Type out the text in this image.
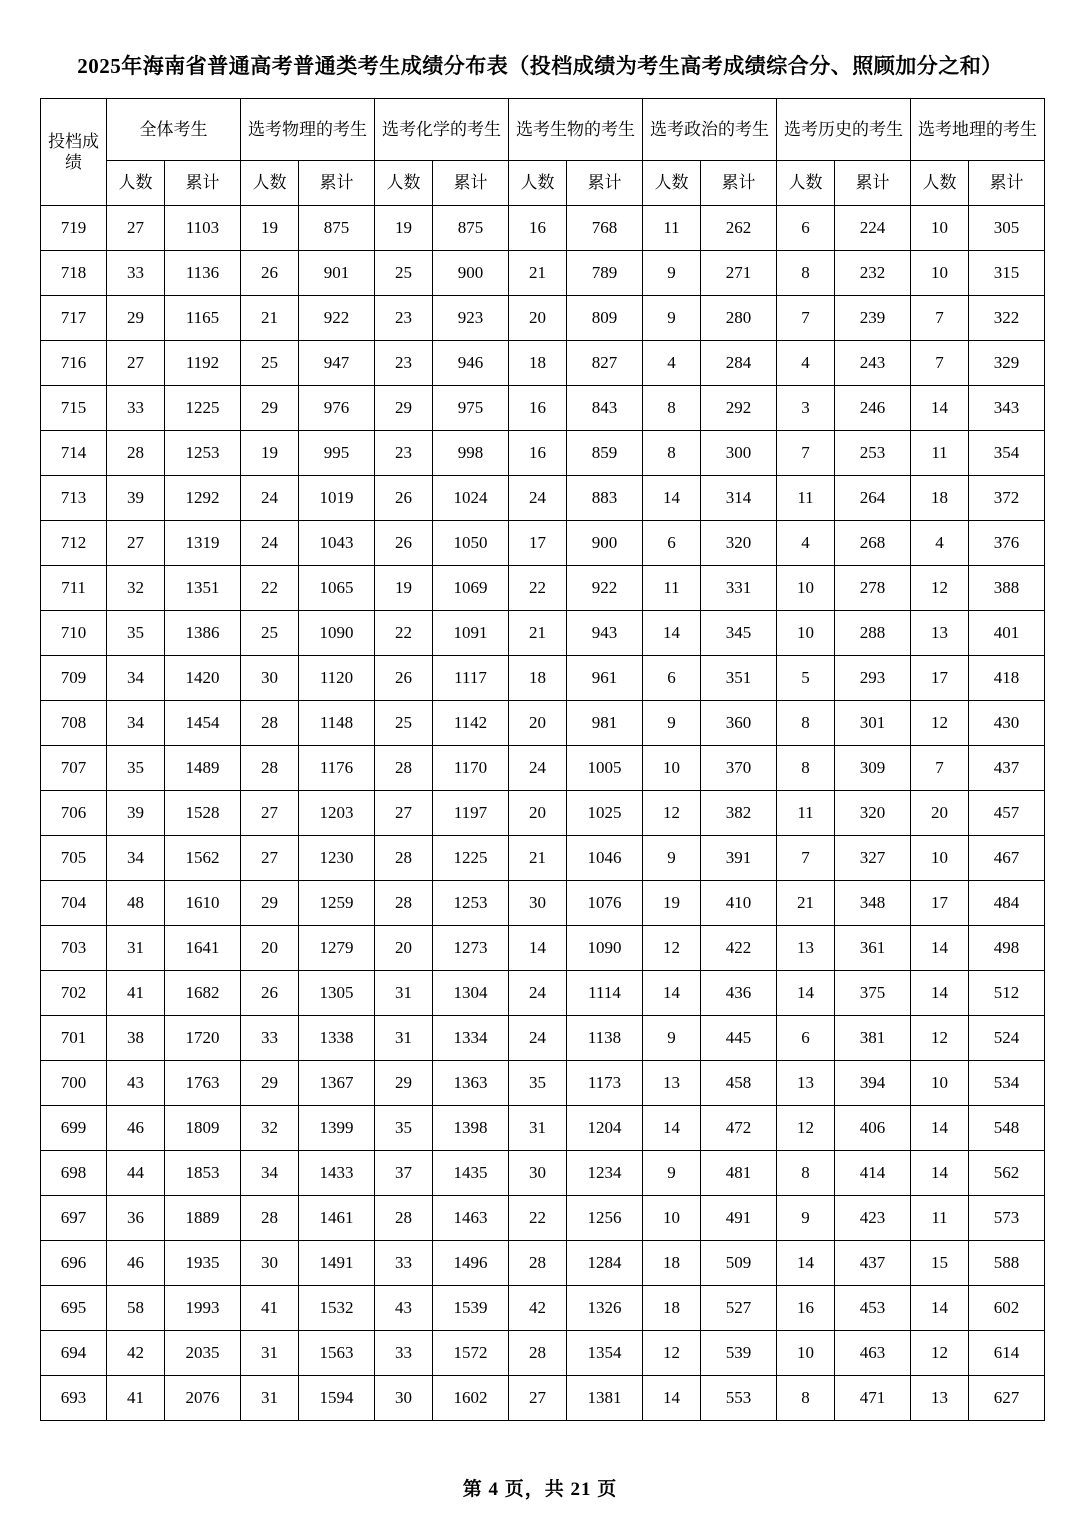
2025年海南省普通高考普通类考生成绩分布表（投档成绩为考生高考成绩综合分、照顾加分之和）
投档成绩	全体考生		选考物理的考生		选考化学的考生		选考生物的考生		选考政治的考生		选考历史的考生		选考地理的考生	
	人数	累计	人数	累计	人数	累计	人数	累计	人数	累计	人数	累计	人数	累计
719	27	1103	19	875	19	875	16	768	11	262	6	224	10	305
718	33	1136	26	901	25	900	21	789	9	271	8	232	10	315
717	29	1165	21	922	23	923	20	809	9	280	7	239	7	322
716	27	1192	25	947	23	946	18	827	4	284	4	243	7	329
715	33	1225	29	976	29	975	16	843	8	292	3	246	14	343
714	28	1253	19	995	23	998	16	859	8	300	7	253	11	354
713	39	1292	24	1019	26	1024	24	883	14	314	11	264	18	372
712	27	1319	24	1043	26	1050	17	900	6	320	4	268	4	376
711	32	1351	22	1065	19	1069	22	922	11	331	10	278	12	388
710	35	1386	25	1090	22	1091	21	943	14	345	10	288	13	401
709	34	1420	30	1120	26	1117	18	961	6	351	5	293	17	418
708	34	1454	28	1148	25	1142	20	981	9	360	8	301	12	430
707	35	1489	28	1176	28	1170	24	1005	10	370	8	309	7	437
706	39	1528	27	1203	27	1197	20	1025	12	382	11	320	20	457
705	34	1562	27	1230	28	1225	21	1046	9	391	7	327	10	467
704	48	1610	29	1259	28	1253	30	1076	19	410	21	348	17	484
703	31	1641	20	1279	20	1273	14	1090	12	422	13	361	14	498
702	41	1682	26	1305	31	1304	24	1114	14	436	14	375	14	512
701	38	1720	33	1338	31	1334	24	1138	9	445	6	381	12	524
700	43	1763	29	1367	29	1363	35	1173	13	458	13	394	10	534
699	46	1809	32	1399	35	1398	31	1204	14	472	12	406	14	548
698	44	1853	34	1433	37	1435	30	1234	9	481	8	414	14	562
697	36	1889	28	1461	28	1463	22	1256	10	491	9	423	11	573
696	46	1935	30	1491	33	1496	28	1284	18	509	14	437	15	588
695	58	1993	41	1532	43	1539	42	1326	18	527	16	453	14	602
694	42	2035	31	1563	33	1572	28	1354	12	539	10	463	12	614
693	41	2076	31	1594	30	1602	27	1381	14	553	8	471	13	627
第 4 页，共 21 页
